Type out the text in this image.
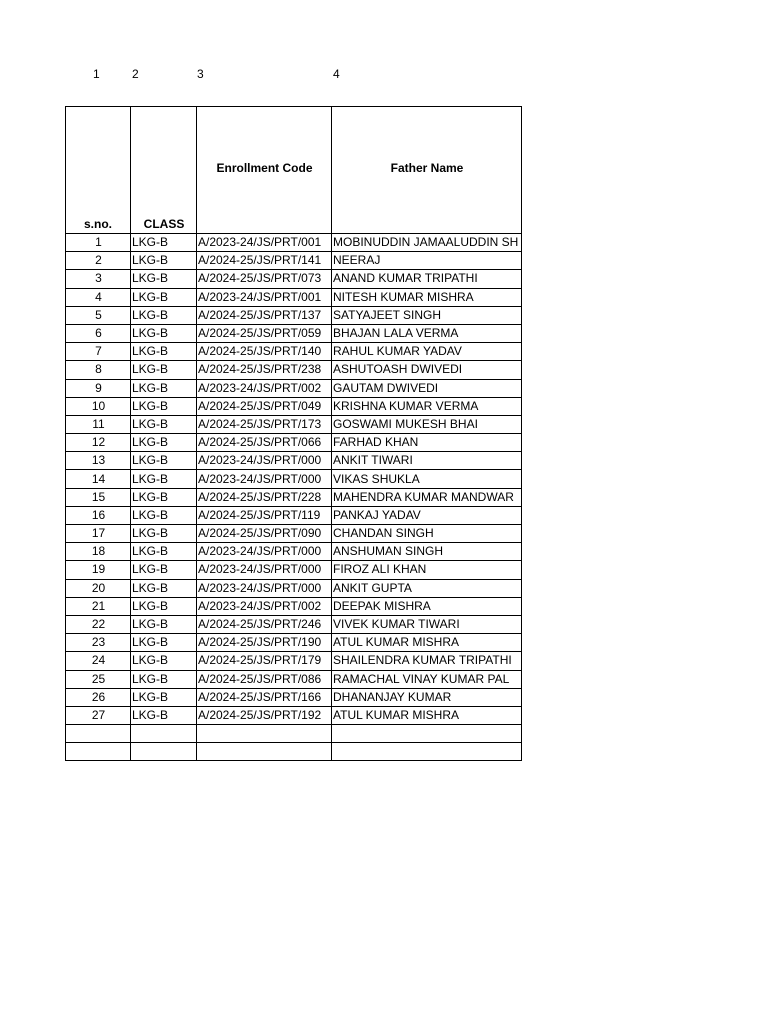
1	2	3	4
s.no.	CLASS	Enrollment Code	Father Name

1	LKG-B	A/2023-24/JS/PRT/001	MOBINUDDIN JAMAALUDDIN SH
2	LKG-B	A/2024-25/JS/PRT/141	NEERAJ
3	LKG-B	A/2024-25/JS/PRT/073	ANAND KUMAR TRIPATHI
4	LKG-B	A/2023-24/JS/PRT/001	NITESH KUMAR MISHRA
5	LKG-B	A/2024-25/JS/PRT/137	SATYAJEET SINGH
6	LKG-B	A/2024-25/JS/PRT/059	BHAJAN LALA VERMA
7	LKG-B	A/2024-25/JS/PRT/140	RAHUL KUMAR YADAV
8	LKG-B	A/2024-25/JS/PRT/238	ASHUTOASH DWIVEDI
9	LKG-B	A/2023-24/JS/PRT/002	GAUTAM DWIVEDI
10	LKG-B	A/2024-25/JS/PRT/049	KRISHNA KUMAR VERMA
11	LKG-B	A/2024-25/JS/PRT/173	GOSWAMI MUKESH BHAI
12	LKG-B	A/2024-25/JS/PRT/066	FARHAD KHAN
13	LKG-B	A/2023-24/JS/PRT/000	ANKIT TIWARI
14	LKG-B	A/2023-24/JS/PRT/000	VIKAS SHUKLA
15	LKG-B	A/2024-25/JS/PRT/228	MAHENDRA KUMAR MANDWAR
16	LKG-B	A/2024-25/JS/PRT/119	PANKAJ YADAV
17	LKG-B	A/2024-25/JS/PRT/090	CHANDAN SINGH
18	LKG-B	A/2023-24/JS/PRT/000	ANSHUMAN SINGH
19	LKG-B	A/2023-24/JS/PRT/000	FIROZ ALI KHAN
20	LKG-B	A/2023-24/JS/PRT/000	ANKIT GUPTA
21	LKG-B	A/2023-24/JS/PRT/002	DEEPAK MISHRA
22	LKG-B	A/2024-25/JS/PRT/246	VIVEK KUMAR TIWARI
23	LKG-B	A/2024-25/JS/PRT/190	ATUL KUMAR MISHRA
24	LKG-B	A/2024-25/JS/PRT/179	SHAILENDRA KUMAR TRIPATHI
25	LKG-B	A/2024-25/JS/PRT/086	RAMACHAL VINAY KUMAR PAL
26	LKG-B	A/2024-25/JS/PRT/166	DHANANJAY KUMAR
27	LKG-B	A/2024-25/JS/PRT/192	ATUL KUMAR MISHRA
